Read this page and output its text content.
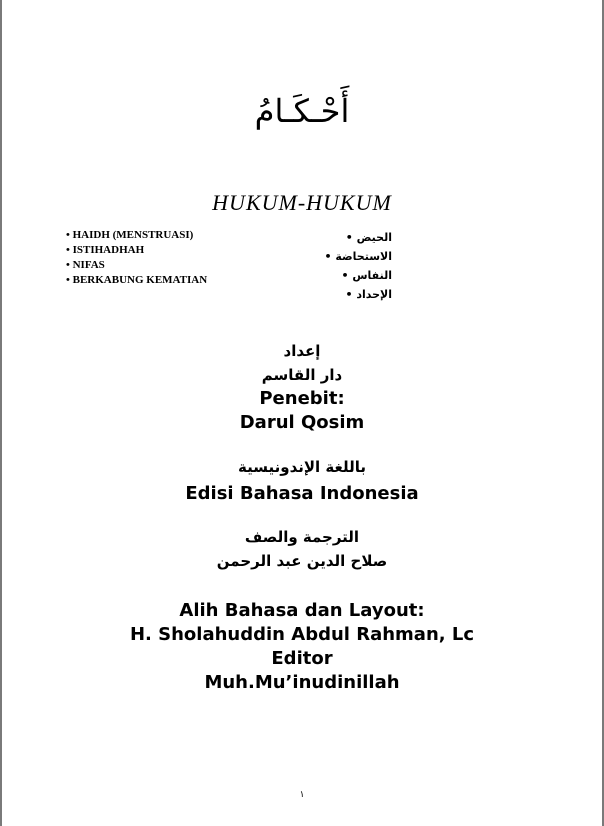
أَحْـكَـامُ
HUKUM-HUKUM
• HAIDH (MENSTRUASI)
• ISTIHADHAH
• NIFAS
• BERKABUNG KEMATIAN
الحيض •
الاستحاضة •
النفاس •
الإحداد •
إعداد
دار القاسم
Penebit:
Darul Qosim
باللغة الإندونيسية
Edisi Bahasa Indonesia
الترجمة والصف
صلاح الدين عبد الرحمن
Alih Bahasa dan Layout:
H. Sholahuddin Abdul Rahman, Lc
Editor
Muh.Mu’inudinillah
١
